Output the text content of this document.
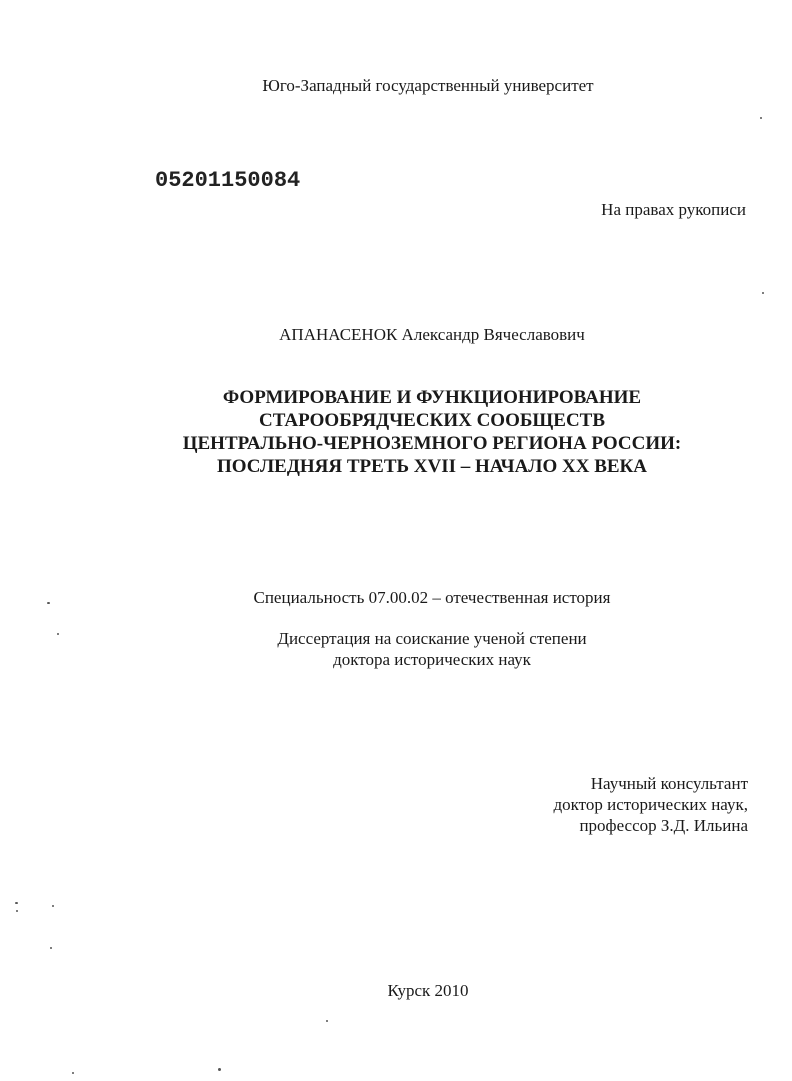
Юго-Западный государственный университет
05201150084
На правах рукописи
АПАНАСЕНОК Александр Вячеславович
ФОРМИРОВАНИЕ И ФУНКЦИОНИРОВАНИЕ
СТАРООБРЯДЧЕСКИХ СООБЩЕСТВ
ЦЕНТРАЛЬНО-ЧЕРНОЗЕМНОГО РЕГИОНА РОССИИ:
ПОСЛЕДНЯЯ ТРЕТЬ XVII – НАЧАЛО XX ВЕКА
Специальность 07.00.02 – отечественная история
Диссертация на соискание ученой степени
доктора исторических наук
Научный консультант
доктор исторических наук,
профессор З.Д. Ильина
Курск 2010
